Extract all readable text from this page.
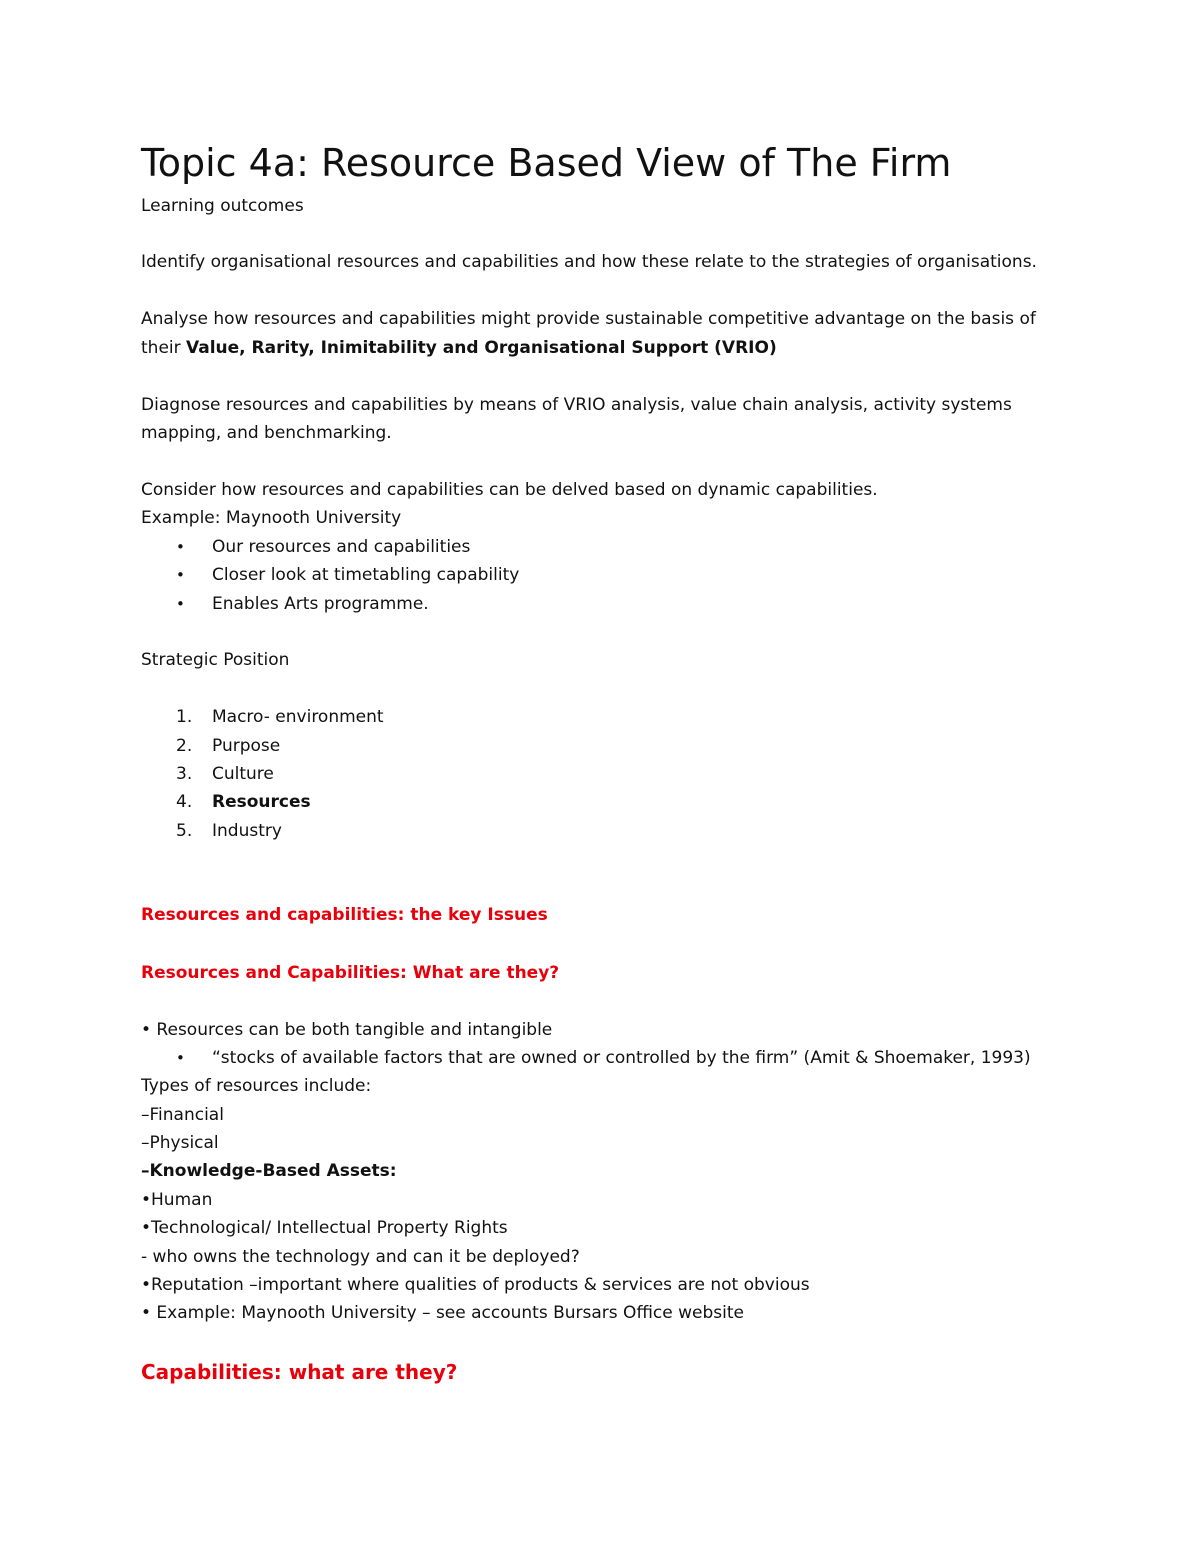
Topic 4a: Resource Based View of The Firm
Learning outcomes
Identify organisational resources and capabilities and how these relate to the strategies of organisations.
Analyse how resources and capabilities might provide sustainable competitive advantage on the basis of
their Value, Rarity, Inimitability and Organisational Support (VRIO)
Diagnose resources and capabilities by means of VRIO analysis, value chain analysis, activity systems
mapping, and benchmarking.
Consider how resources and capabilities can be delved based on dynamic capabilities.
Example: Maynooth University
• Our resources and capabilities
• Closer look at timetabling capability
• Enables Arts programme.
Strategic Position
1. Macro- environment
2. Purpose
3. Culture
4. Resources
5. Industry
Resources and capabilities: the key Issues
Resources and Capabilities: What are they?
• Resources can be both tangible and intangible
• “stocks of available factors that are owned or controlled by the firm” (Amit & Shoemaker, 1993)
Types of resources include:
–Financial
–Physical
–Knowledge-Based Assets:
•Human
•Technological/ Intellectual Property Rights
- who owns the technology and can it be deployed?
•Reputation –important where qualities of products & services are not obvious
• Example: Maynooth University – see accounts Bursars Office website
Capabilities: what are they?
